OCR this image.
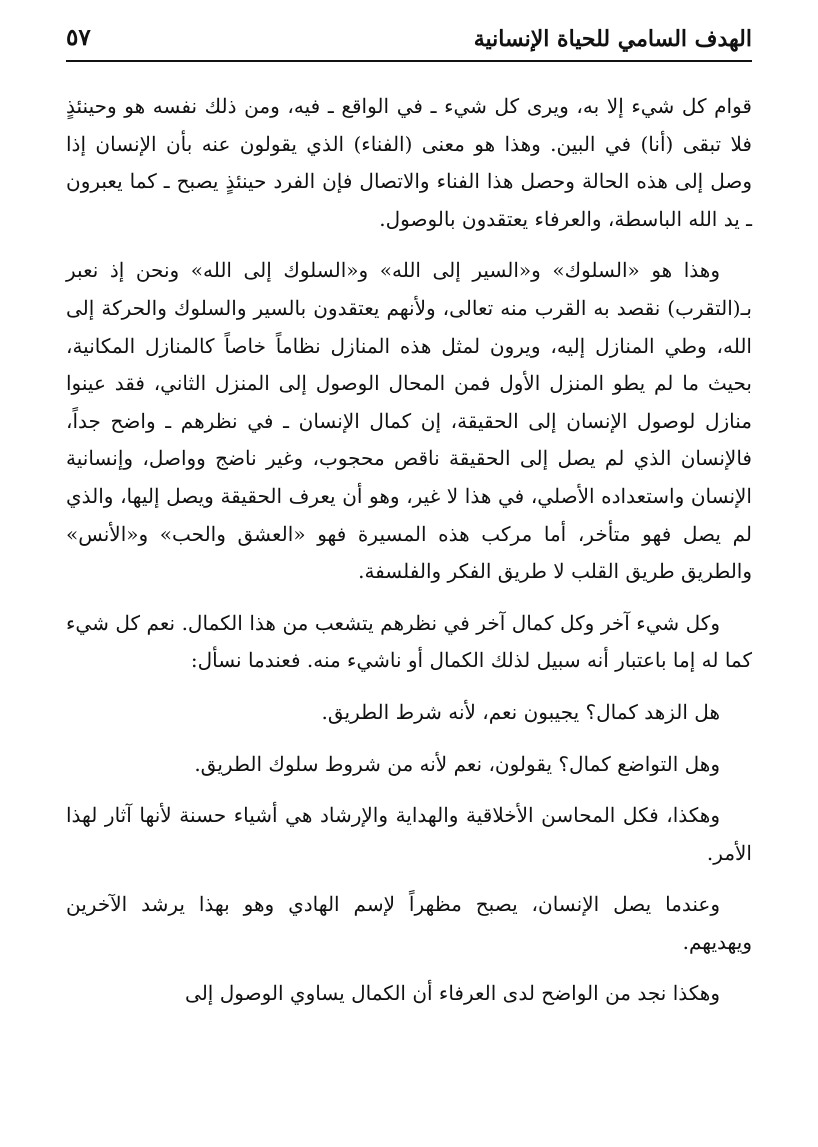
الهدف السامي للحياة الإنسانية
٥٧

قوام كل شيء إلا به، ويرى كل شيء ـ في الواقع ـ فيه، ومن ذلك نفسه هو وحينئذٍ فلا تبقى (أنا) في البين. وهذا هو معنى (الفناء) الذي يقولون عنه بأن الإنسان إذا وصل إلى هذه الحالة وحصل هذا الفناء والاتصال فإن الفرد حينئذٍ يصبح ـ كما يعبرون ـ يد الله الباسطة، والعرفاء يعتقدون بالوصول.

وهذا هو «السلوك» و«السير إلى الله» و«السلوك إلى الله» ونحن إذ نعبر بـ(التقرب) نقصد به القرب منه تعالى، ولأنهم يعتقدون بالسير والسلوك والحركة إلى الله، وطي المنازل إليه، ويرون لمثل هذه المنازل نظاماً خاصاً كالمنازل المكانية، بحيث ما لم يطو المنزل الأول فمن المحال الوصول إلى المنزل الثاني، فقد عينوا منازل لوصول الإنسان إلى الحقيقة، إن كمال الإنسان ـ في نظرهم ـ واضح جداً، فالإنسان الذي لم يصل إلى الحقيقة ناقص محجوب، وغير ناضج وواصل، وإنسانية الإنسان واستعداده الأصلي، في هذا لا غير، وهو أن يعرف الحقيقة ويصل إليها، والذي لم يصل فهو متأخر، أما مركب هذه المسيرة فهو «العشق والحب» و«الأنس» والطريق طريق القلب لا طريق الفكر والفلسفة.

وكل شيء آخر وكل كمال آخر في نظرهم يتشعب من هذا الكمال. نعم كل شيء كما له إما باعتبار أنه سبيل لذلك الكمال أو ناشيء منه. فعندما نسأل:

هل الزهد كمال؟ يجيبون نعم، لأنه شرط الطريق.

وهل التواضع كمال؟ يقولون، نعم لأنه من شروط سلوك الطريق.

وهكذا، فكل المحاسن الأخلاقية والهداية والإرشاد هي أشياء حسنة لأنها آثار لهذا الأمر.

وعندما يصل الإنسان، يصبح مظهراً لإسم الهادي وهو بهذا يرشد الآخرين ويهديهم.

وهكذا نجد من الواضح لدى العرفاء أن الكمال يساوي الوصول إلى
